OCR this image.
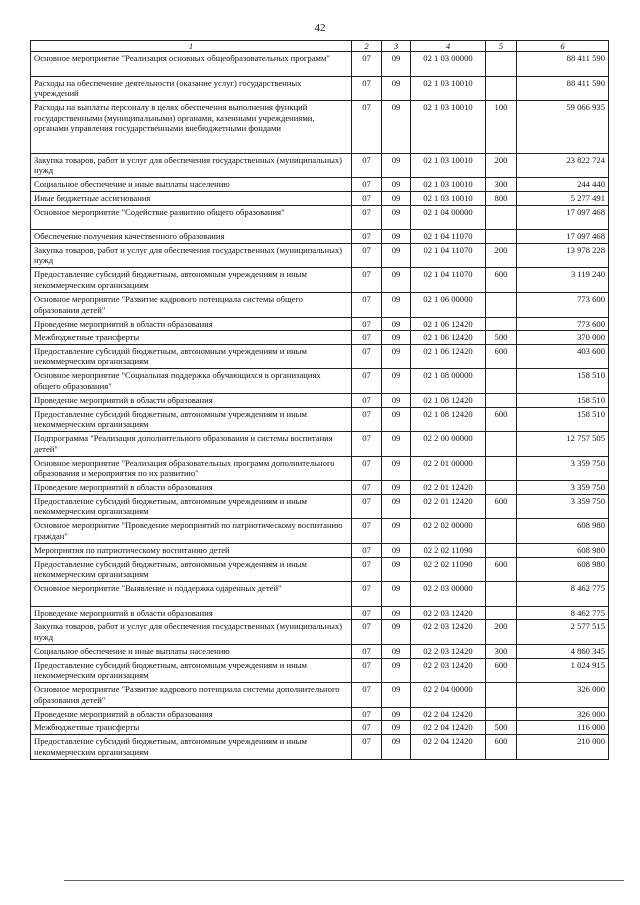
42
1	2	3	4	5	6
Основное мероприятие "Реализация основных общеобразовательных программ"	07	09	02 1 03 00000		88 411 590
Расходы на обеспечение деятельности (оказание услуг) государственных учреждений	07	09	02 1 03 10010		88 411 590
Расходы на выплаты персоналу в целях обеспечения выполнения функций государственными (муниципальными) органами, казенными учреждениями, органами управления государственными внебюджетными фондами	07	09	02 1 03 10010	100	59 066 935
Закупка товаров, работ и услуг для обеспечения государственных (муниципальных) нужд	07	09	02 1 03 10010	200	23 822 724
Социальное обеспечение и иные выплаты населению	07	09	02 1 03 10010	300	244 440
Иные бюджетные ассигнования	07	09	02 1 03 10010	800	5 277 491
Основное мероприятие "Содействие развитию общего образования"	07	09	02 1 04 00000		17 097 468
Обеспечение получения качественного образования	07	09	02 1 04 11070		17 097 468
Закупка товаров, работ и услуг для обеспечения государственных (муниципальных) нужд	07	09	02 1 04 11070	200	13 978 228
Предоставление субсидий бюджетным, автономным учреждениям и иным некоммерческим организациям	07	09	02 1 04 11070	600	3 119 240
Основное мероприятие "Развитие кадрового потенциала системы общего образования детей"	07	09	02 1 06 00000		773 600
Проведение мероприятий в области образования	07	09	02 1 06 12420		773 600
Межбюджетные трансферты	07	09	02 1 06 12420	500	370 000
Предоставление субсидий бюджетным, автономным учреждениям и иным некоммерческим организациям	07	09	02 1 06 12420	600	403 600
Основное мероприятие "Социальная поддержка обучающихся в организациях общего образования"	07	09	02 1 08 00000		158 510
Проведение мероприятий в области образования	07	09	02 1 08 12420		158 510
Предоставление субсидий бюджетным, автономным учреждениям и иным некоммерческим организациям	07	09	02 1 08 12420	600	158 510
Подпрограмма "Реализация дополнительного образования и системы воспитания детей"	07	09	02 2 00 00000		12 757 505
Основное мероприятие "Реализация образовательных программ дополнительного образования и мероприятия по их развитию"	07	09	02 2 01 00000		3 359 750
Проведение мероприятий в области образования	07	09	02 2 01 12420		3 359 750
Предоставление субсидий бюджетным, автономным учреждениям и иным некоммерческим организациям	07	09	02 2 01 12420	600	3 359 750
Основное мероприятие "Проведение мероприятий по патриотическому воспитанию граждан"	07	09	02 2 02 00000		608 980
Мероприятия по патриотическому воспитанию детей	07	09	02 2 02 11090		608 980
Предоставление субсидий бюджетным, автономным учреждениям и иным некоммерческим организациям	07	09	02 2 02 11090	600	608 980
Основное мероприятие "Выявление и поддержка одаренных детей"	07	09	02 2 03 00000		8 462 775
Проведение мероприятий в области образования	07	09	02 2 03 12420		8 462 775
Закупка товаров, работ и услуг для обеспечения государственных (муниципальных) нужд	07	09	02 2 03 12420	200	2 577 515
Социальное обеспечение и иные выплаты населению	07	09	02 2 03 12420	300	4 860 345
Предоставление субсидий бюджетным, автономным учреждениям и иным некоммерческим организациям	07	09	02 2 03 12420	600	1 024 915
Основное мероприятие "Развитие кадрового потенциала системы дополнительного образования детей"	07	09	02 2 04 00000		326 000
Проведение мероприятий в области образования	07	09	02 2 04 12420		326 000
Межбюджетные трансферты	07	09	02 2 04 12420	500	116 000
Предоставление субсидий бюджетным, автономным учреждениям и иным некоммерческим организациям	07	09	02 2 04 12420	600	210 000
